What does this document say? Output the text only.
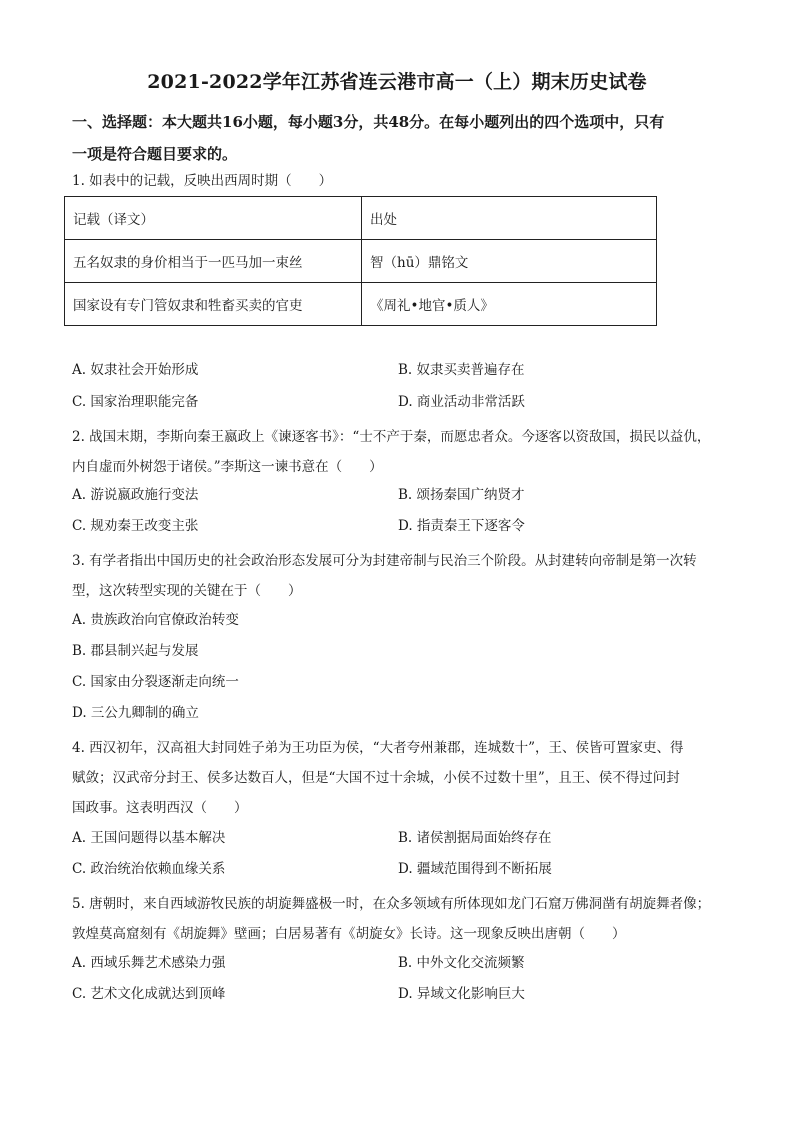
2021-2022学年江苏省连云港市高一（上）期末历史试卷
一、选择题：本大题共16小题，每小题3分，共48分。在每小题列出的四个选项中，只有
一项是符合题目要求的。
1. 如表中的记载，反映出西周时期（　　）
记载（译文）	出处
五名奴隶的身价相当于一匹马加一束丝	智（hū）鼎铭文
国家设有专门管奴隶和牲畜买卖的官吏	《周礼•地官•质人》
A. 奴隶社会开始形成	B. 奴隶买卖普遍存在
C. 国家治理职能完备	D. 商业活动非常活跃
2. 战国末期，李斯向秦王嬴政上《谏逐客书》：“士不产于秦，而愿忠者众。今逐客以资敌国，损民以益仇，
内自虚而外树怨于诸侯。”李斯这一谏书意在（　　）
A. 游说嬴政施行变法	B. 颂扬秦国广纳贤才
C. 规劝秦王改变主张	D. 指责秦王下逐客令
3. 有学者指出中国历史的社会政治形态发展可分为封建帝制与民治三个阶段。从封建转向帝制是第一次转
型，这次转型实现的关键在于（　　）
A. 贵族政治向官僚政治转变
B. 郡县制兴起与发展
C. 国家由分裂逐渐走向统一
D. 三公九卿制的确立
4. 西汉初年，汉高祖大封同姓子弟为王功臣为侯，“大者夸州兼郡，连城数十”，王、侯皆可置家吏、得
赋敛；汉武帝分封王、侯多达数百人，但是“大国不过十余城，小侯不过数十里”，且王、侯不得过问封
国政事。这表明西汉（　　）
A. 王国问题得以基本解决	B. 诸侯割据局面始终存在
C. 政治统治依赖血缘关系	D. 疆域范围得到不断拓展
5. 唐朝时，来自西域游牧民族的胡旋舞盛极一时，在众多领域有所体现如龙门石窟万佛洞凿有胡旋舞者像；
敦煌莫高窟刻有《胡旋舞》壁画；白居易著有《胡旋女》长诗。这一现象反映出唐朝（　　）
A. 西域乐舞艺术感染力强	B. 中外文化交流频繁
C. 艺术文化成就达到顶峰	D. 异域文化影响巨大
